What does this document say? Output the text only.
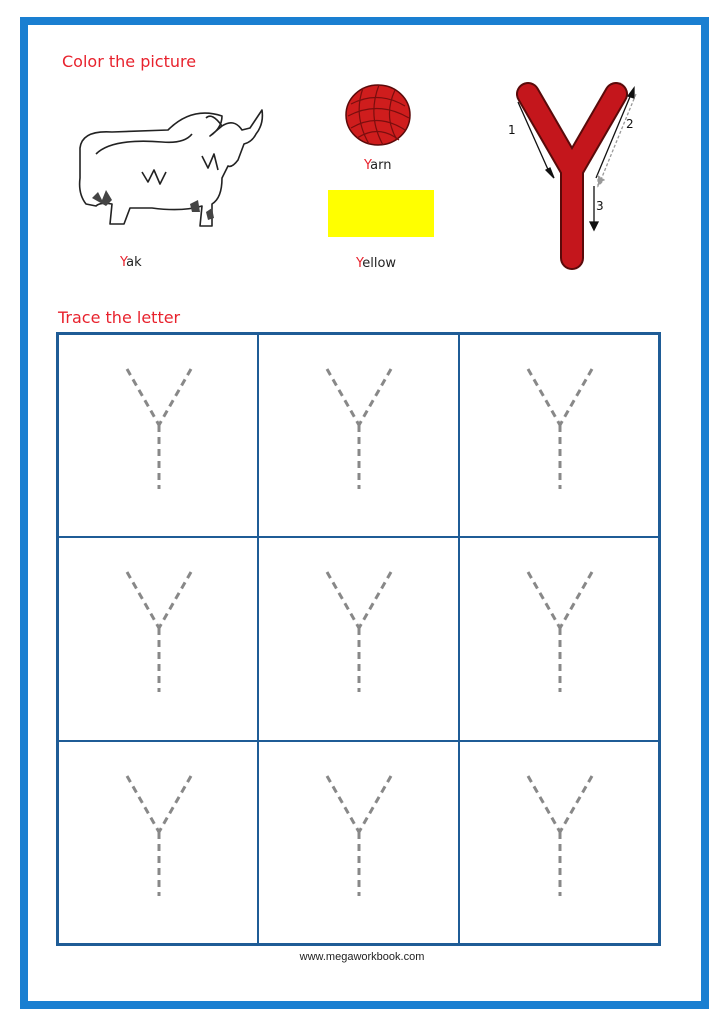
Color the picture
Yak
Yarn
Yellow
1	2
3
Trace the letter
www.megaworkbook.com
